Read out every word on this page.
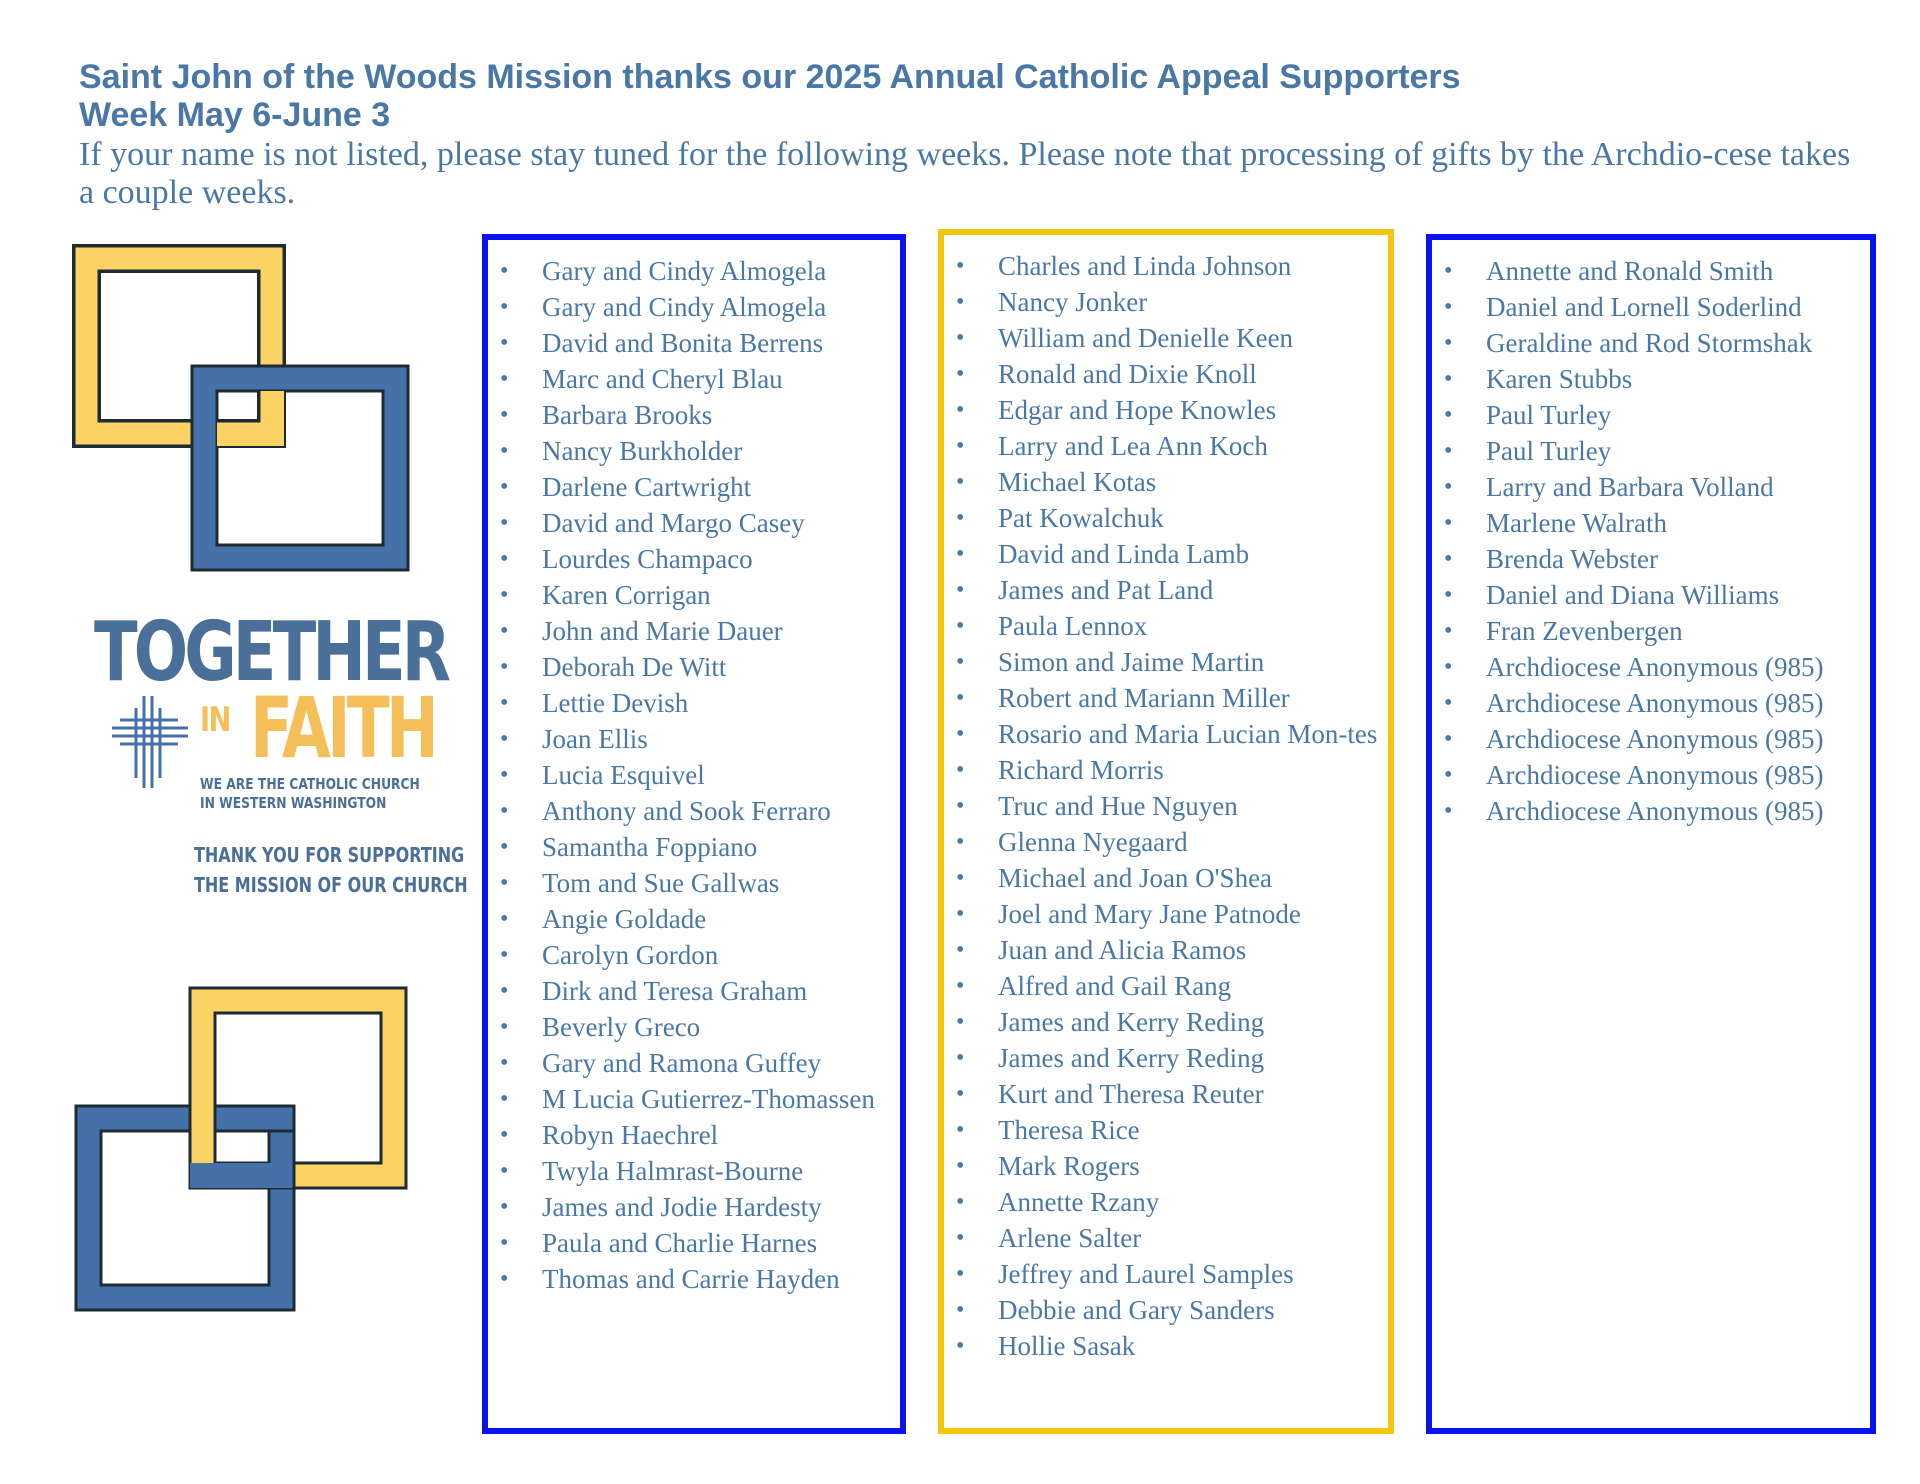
Saint John of the Woods Mission thanks our 2025 Annual Catholic Appeal Supporters

Week May 6-June 3

If your name is not listed, please stay tuned for the following weeks. Please note that processing of gifts by the Archdio-cese takes a couple weeks.

TOGETHER
IN FAITH
WE ARE THE CATHOLIC CHURCH
IN WESTERN WASHINGTON
THANK YOU FOR SUPPORTING
THE MISSION OF OUR CHURCH
• Gary and Cindy Almogela
• Gary and Cindy Almogela
• David and Bonita Berrens
• Marc and Cheryl Blau
• Barbara Brooks
• Nancy Burkholder
• Darlene Cartwright
• David and Margo Casey
• Lourdes Champaco
• Karen Corrigan
• John and Marie Dauer
• Deborah De Witt
• Lettie Devish
• Joan Ellis
• Lucia Esquivel
• Anthony and Sook Ferraro
• Samantha Foppiano
• Tom and Sue Gallwas
• Angie Goldade
• Carolyn Gordon
• Dirk and Teresa Graham
• Beverly Greco
• Gary and Ramona Guffey
• M Lucia Gutierrez-Thomassen
• Robyn Haechrel
• Twyla Halmrast-Bourne
• James and Jodie Hardesty
• Paula and Charlie Harnes
• Thomas and Carrie Hayden
• Charles and Linda Johnson
• Nancy Jonker
• William and Denielle Keen
• Ronald and Dixie Knoll
• Edgar and Hope Knowles
• Larry and Lea Ann Koch
• Michael Kotas
• Pat Kowalchuk
• David and Linda Lamb
• James and Pat Land
• Paula Lennox
• Simon and Jaime Martin
• Robert and Mariann Miller
• Rosario and Maria Lucian Mon-tes
• Richard Morris
• Truc and Hue Nguyen
• Glenna Nyegaard
• Michael and Joan O'Shea
• Joel and Mary Jane Patnode
• Juan and Alicia Ramos
• Alfred and Gail Rang
• James and Kerry Reding
• James and Kerry Reding
• Kurt and Theresa Reuter
• Theresa Rice
• Mark Rogers
• Annette Rzany
• Arlene Salter
• Jeffrey and Laurel Samples
• Debbie and Gary Sanders
• Hollie Sasak
• Annette and Ronald Smith
• Daniel and Lornell Soderlind
• Geraldine and Rod Stormshak
• Karen Stubbs
• Paul Turley
• Paul Turley
• Larry and Barbara Volland
• Marlene Walrath
• Brenda Webster
• Daniel and Diana Williams
• Fran Zevenbergen
• Archdiocese Anonymous (985)
• Archdiocese Anonymous (985)
• Archdiocese Anonymous (985)
• Archdiocese Anonymous (985)
• Archdiocese Anonymous (985)
